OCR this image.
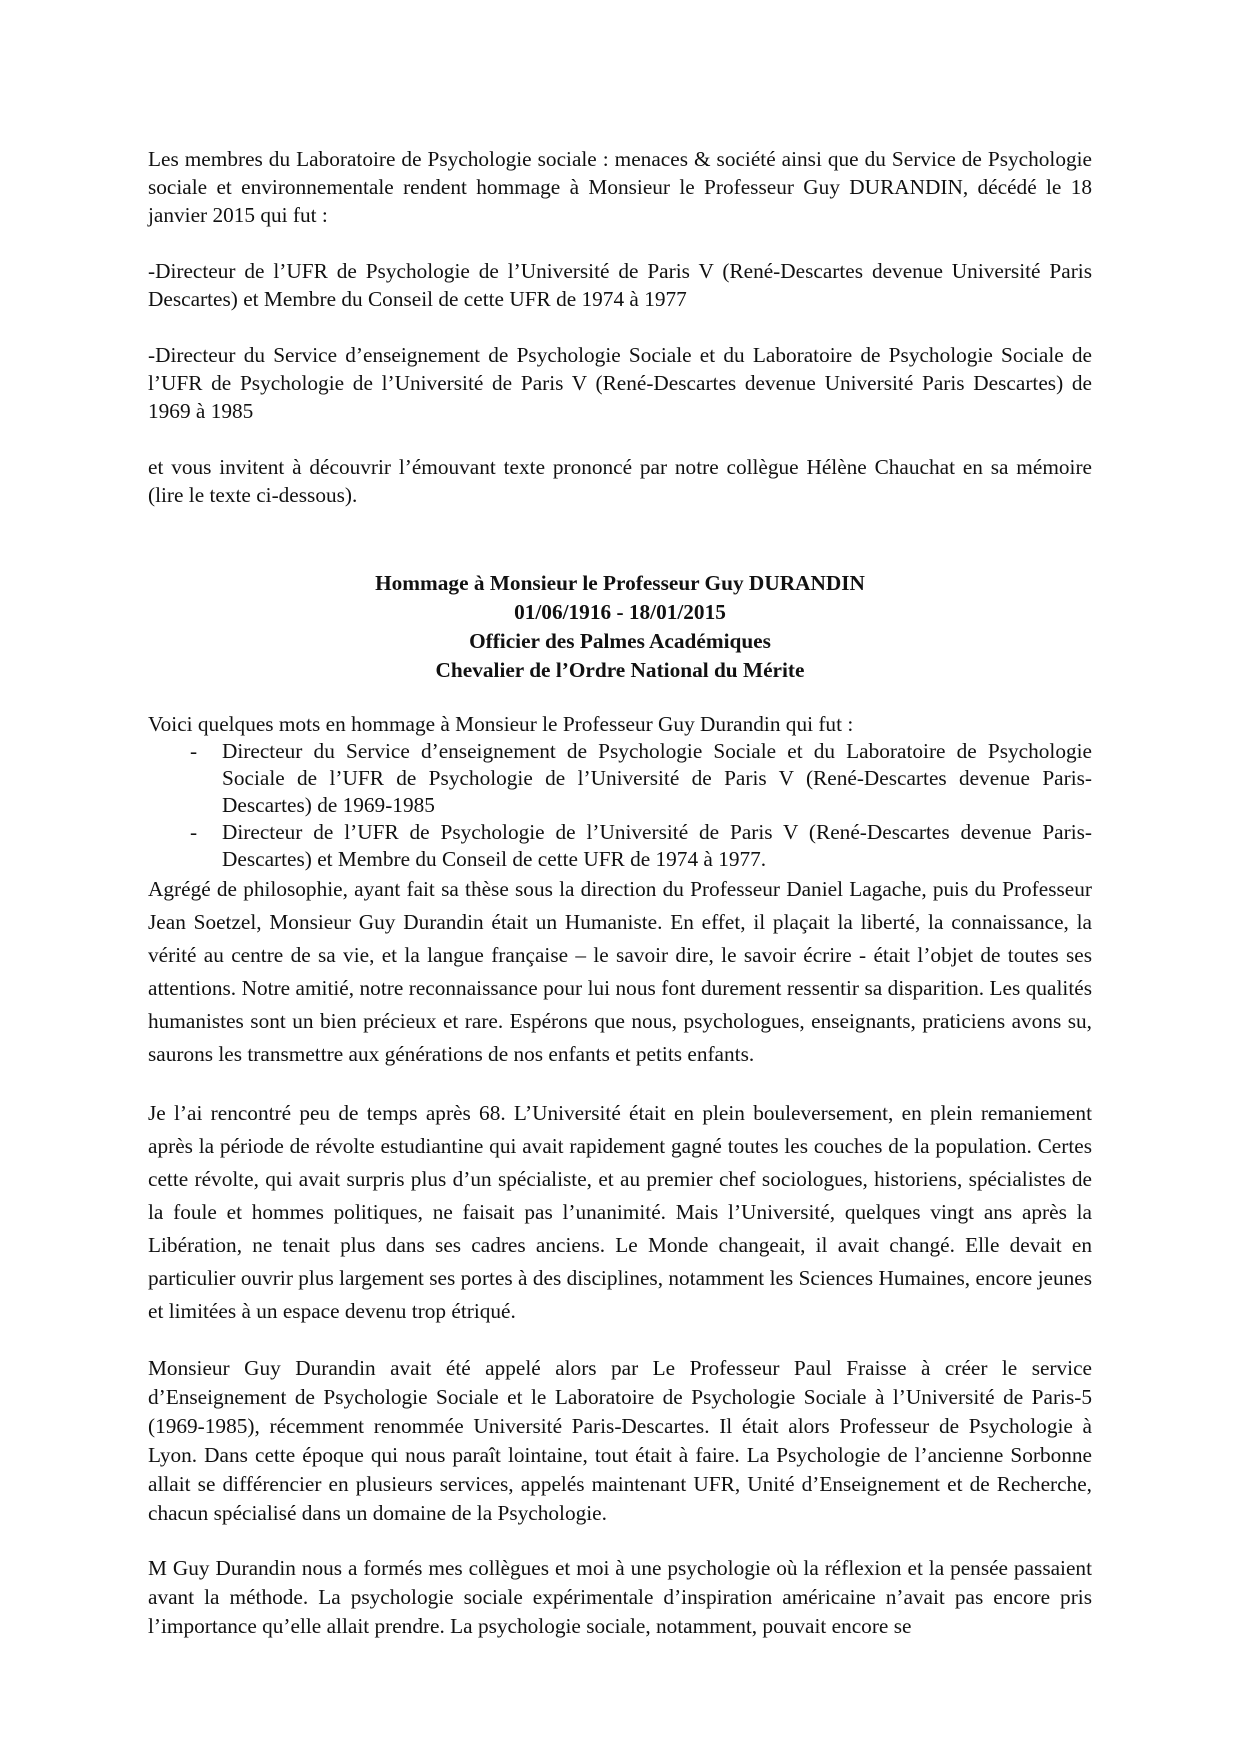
Les membres du Laboratoire de Psychologie sociale : menaces & société ainsi que du Service de Psychologie sociale et environnementale rendent hommage à Monsieur le Professeur Guy DURANDIN, décédé le 18 janvier 2015 qui fut :

-Directeur de l’UFR de Psychologie de l’Université de Paris V (René-Descartes devenue Université Paris Descartes) et Membre du Conseil de cette UFR de 1974 à 1977

-Directeur du Service d’enseignement de Psychologie Sociale et du Laboratoire de Psychologie Sociale de l’UFR de Psychologie de l’Université de Paris V (René-Descartes devenue Université Paris Descartes) de 1969 à 1985

et vous invitent à découvrir l’émouvant texte prononcé par notre collègue Hélène Chauchat en sa mémoire (lire le texte ci-dessous).

Hommage à Monsieur le Professeur Guy DURANDIN
01/06/1916 - 18/01/2015
Officier des Palmes Académiques
Chevalier de l’Ordre National du Mérite
Voici quelques mots en hommage à Monsieur le Professeur Guy Durandin qui fut :
- Directeur du Service d’enseignement de Psychologie Sociale et du Laboratoire de Psychologie Sociale de l’UFR de Psychologie de l’Université de Paris V (René-Descartes devenue Paris-Descartes) de 1969-1985
- Directeur de l’UFR de Psychologie de l’Université de Paris V (René-Descartes devenue Paris-Descartes) et Membre du Conseil de cette UFR de 1974 à 1977.

Agrégé de philosophie, ayant fait sa thèse sous la direction du Professeur Daniel Lagache, puis du Professeur Jean Soetzel, Monsieur Guy Durandin était un Humaniste. En effet, il plaçait la liberté, la connaissance, la vérité au centre de sa vie, et la langue française – le savoir dire, le savoir écrire - était l’objet de toutes ses attentions. Notre amitié, notre reconnaissance pour lui nous font durement ressentir sa disparition. Les qualités humanistes sont un bien précieux et rare. Espérons que nous, psychologues, enseignants, praticiens avons su, saurons les transmettre aux générations de nos enfants et petits enfants.

Je l’ai rencontré peu de temps après 68. L’Université était en plein bouleversement, en plein remaniement après la période de révolte estudiantine qui avait rapidement gagné toutes les couches de la population. Certes cette révolte, qui avait surpris plus d’un spécialiste, et au premier chef sociologues, historiens, spécialistes de la foule et hommes politiques, ne faisait pas l’unanimité. Mais l’Université, quelques vingt ans après la Libération, ne tenait plus dans ses cadres anciens. Le Monde changeait, il avait changé. Elle devait en particulier ouvrir plus largement ses portes à des disciplines, notamment les Sciences Humaines, encore jeunes et limitées à un espace devenu trop étriqué.

Monsieur Guy Durandin avait été appelé alors par Le Professeur Paul Fraisse à créer le service d’Enseignement de Psychologie Sociale et le Laboratoire de Psychologie Sociale à l’Université de Paris-5 (1969-1985), récemment renommée Université Paris-Descartes. Il était alors Professeur de Psychologie à Lyon. Dans cette époque qui nous paraît lointaine, tout était à faire. La Psychologie de l’ancienne Sorbonne allait se différencier en plusieurs services, appelés maintenant UFR, Unité d’Enseignement et de Recherche, chacun spécialisé dans un domaine de la Psychologie.

M Guy Durandin nous a formés mes collègues et moi à une psychologie où la réflexion et la pensée passaient avant la méthode. La psychologie sociale expérimentale d’inspiration américaine n’avait pas encore pris l’importance qu’elle allait prendre. La psychologie sociale, notamment, pouvait encore se
